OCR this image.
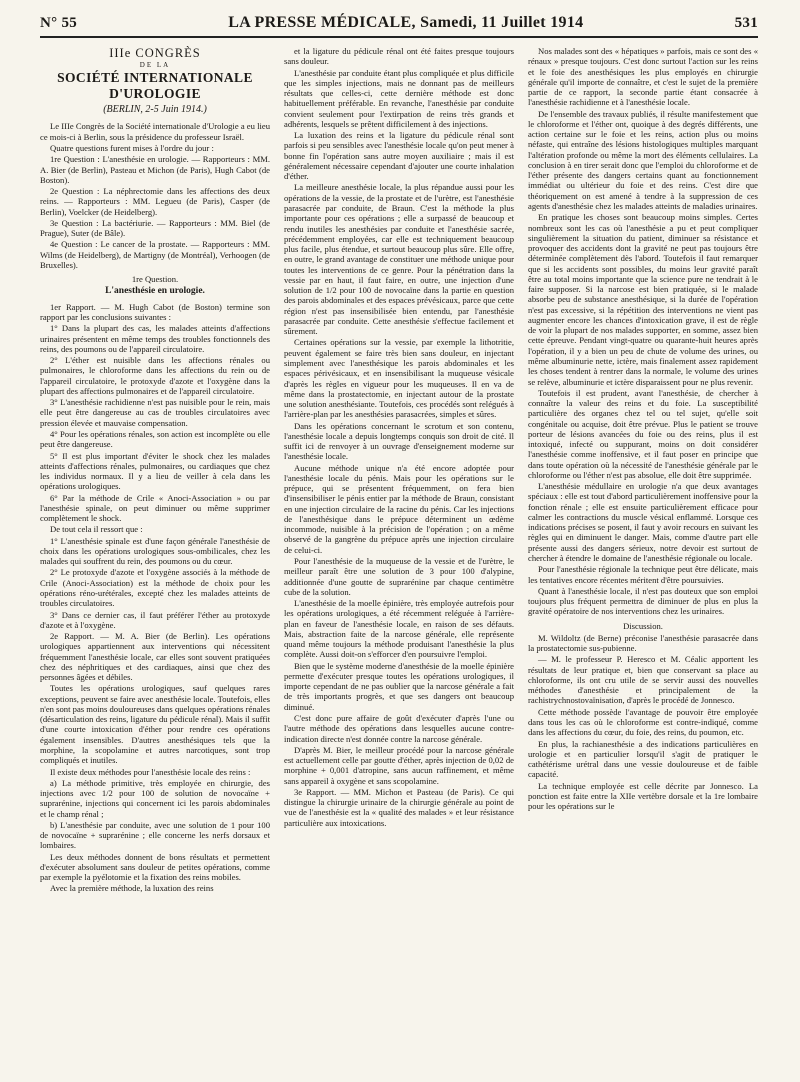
N° 55	LA PRESSE MÉDICALE, Samedi, 11 Juillet 1914	531
IIIe CONGRÈS
DE LA
SOCIÉTÉ INTERNATIONALE D'UROLOGIE
(BERLIN, 2-5 Juin 1914.)

Le IIIe Congrès de la Société internationale d'Urologie a eu lieu ce mois-ci à Berlin, sous la présidence du professeur Israël.

Quatre questions furent mises à l'ordre du jour :

1re Question : L'anesthésie en urologie. — Rapporteurs : MM. A. Bier (de Berlin), Pasteau et Michon (de Paris), Hugh Cabot (de Boston).

2e Question : La néphrectomie dans les affections des deux reins. — Rapporteurs : MM. Legueu (de Paris), Casper (de Berlin), Voelcker (de Heidelberg).

3e Question : La bactériurie. — Rapporteurs : MM. Biel (de Prague), Suter (de Bâle).

4e Question : Le cancer de la prostate. — Rapporteurs : MM. Wilms (de Heidelberg), de Martigny (de Montréal), Verhoogen (de Bruxelles).

1re Question.
L'anesthésie en urologie.

1er Rapport. — M. Hugh Cabot (de Boston) termine son rapport par les conclusions suivantes :

1° Dans la plupart des cas, les malades atteints d'affections urinaires présentent en même temps des troubles fonctionnels des reins, des poumons ou de l'appareil circulatoire.

2° L'éther est nuisible dans les affections rénales ou pulmonaires, le chloroforme dans les affections du rein ou de l'appareil circulatoire, le protoxyde d'azote et l'oxygène dans la plupart des affections pulmonaires et de l'appareil circulatoire.

3° L'anesthésie rachidienne n'est pas nuisible pour le rein, mais elle peut être dangereuse au cas de troubles circulatoires avec pression élevée et mauvaise compensation.

4° Pour les opérations rénales, son action est incomplète ou elle peut être dangereuse.

5° Il est plus important d'éviter le shock chez les malades atteints d'affections rénales, pulmonaires, ou cardiaques que chez les individus normaux. Il y a lieu de veiller à cela dans les opérations urologiques.

6° Par la méthode de Crile « Anoci-Association » ou par l'anesthésie spinale, on peut diminuer ou même supprimer complètement le shock.

De tout cela il ressort que :

1° L'anesthésie spinale est d'une façon générale l'anesthésie de choix dans les opérations urologiques sous-ombilicales, chez les malades qui souffrent du rein, des poumons ou du cœur.

2° Le protoxyde d'azote et l'oxygène associés à la méthode de Crile (Anoci-Association) est la méthode de choix pour les opérations réno-urétérales, excepté chez les malades atteints de troubles circulatoires.

3° Dans ce dernier cas, il faut préférer l'éther au protoxyde d'azote et à l'oxygène.

2e Rapport. — M. A. Bier (de Berlin). Les opérations urologiques appartiennent aux interventions qui nécessitent fréquemment l'anesthésie locale, car elles sont souvent pratiquées chez des néphritiques et des cardiaques, ainsi que chez des personnes âgées et débiles.

Toutes les opérations urologiques, sauf quelques rares exceptions, peuvent se faire avec anesthésie locale. Toutefois, elles n'en sont pas moins douloureuses dans quelques opérations rénales (désarticulation des reins, ligature du pédicule rénal). Mais il suffit d'une courte intoxication d'éther pour rendre ces opérations également insensibles. D'autres anesthésiques tels que la morphine, la scopolamine et autres narcotiques, sont trop compliqués et inutiles.

Il existe deux méthodes pour l'anesthésie locale des reins :

a) La méthode primitive, très employée en chirurgie, des injections avec 1/2 pour 100 de solution de novocaïne + suprarénine, injections qui concernent ici les parois abdominales et le champ rénal ;

b) L'anesthésie par conduite, avec une solution de 1 pour 100 de novocaïne + suprarénine ; elle concerne les nerfs dorsaux et lombaires.

Les deux méthodes donnent de bons résultats et permettent d'exécuter absolument sans douleur de petites opérations, comme par exemple la pyélotomie et la fixation des reins mobiles.

Avec la première méthode, la luxation des reins

et la ligature du pédicule rénal ont été faites presque toujours sans douleur.

L'anesthésie par conduite étant plus compliquée et plus difficile que les simples injections, mais ne donnant pas de meilleurs résultats que celles-ci, cette dernière méthode est donc habituellement préférable. En revanche, l'anesthésie par conduite convient seulement pour l'extirpation de reins très grands et adhérents, lesquels se prêtent difficilement à des injections.

La luxation des reins et la ligature du pédicule rénal sont parfois si peu sensibles avec l'anesthésie locale qu'on peut mener à bonne fin l'opération sans autre moyen auxiliaire ; mais il est généralement nécessaire cependant d'ajouter une courte inhalation d'éther.

La meilleure anesthésie locale, la plus répandue aussi pour les opérations de la vessie, de la prostate et de l'urètre, est l'anesthésie parasacrée par conduite, de Braun. C'est la méthode la plus importante pour ces opérations ; elle a surpassé de beaucoup et rendu inutiles les anesthésies par conduite et l'anesthésie sacrée, précédemment employées, car elle est techniquement beaucoup plus facile, plus étendue, et surtout beaucoup plus sûre. Elle offre, en outre, le grand avantage de constituer une méthode unique pour toutes les interventions de ce genre. Pour la pénétration dans la vessie par en haut, il faut faire, en outre, une injection d'une solution de 1/2 pour 100 de novocaïne dans la partie en question des parois abdominales et des espaces prévésicaux, parce que cette région n'est pas insensibilisée bien entendu, par l'anesthésie parasacrée par conduite. Cette anesthésie s'effectue facilement et sûrement.

Certaines opérations sur la vessie, par exemple la lithotritie, peuvent également se faire très bien sans douleur, en injectant simplement avec l'anesthésique les parois abdominales et les espaces périvésicaux, et en insensibilisant la muqueuse vésicale d'après les règles en vigueur pour les muqueuses. Il en va de même dans la prostatectomie, en injectant autour de la prostate une solution anesthésiante. Toutefois, ces procédés sont relégués à l'arrière-plan par les anesthésies parasacrées, simples et sûres.

Dans les opérations concernant le scrotum et son contenu, l'anesthésie locale a depuis longtemps conquis son droit de cité. Il suffit ici de renvoyer à un ouvrage d'enseignement moderne sur l'anesthésie locale.

Aucune méthode unique n'a été encore adoptée pour l'anesthésie locale du pénis. Mais pour les opérations sur le prépuce, qui se présentent fréquemment, on fera bien d'insensibiliser le pénis entier par la méthode de Braun, consistant en une injection circulaire de la racine du pénis. Car les injections de l'anesthésique dans le prépuce déterminent un œdème incommode, nuisible à la précision de l'opération ; on a même observé de la gangrène du prépuce après une injection circulaire de celui-ci.

Pour l'anesthésie de la muqueuse de la vessie et de l'urètre, le meilleur paraît être une solution de 3 pour 100 d'alypine, additionnée d'une goutte de suprarénine par chaque centimètre cube de la solution.

L'anesthésie de la moelle épinière, très employée autrefois pour les opérations urologiques, a été récemment reléguée à l'arrière-plan en faveur de l'anesthésie locale, en raison de ses défauts. Mais, abstraction faite de la narcose générale, elle représente quand même toujours la méthode produisant l'anesthésie la plus complète. Aussi doit-on s'efforcer d'en poursuivre l'emploi.

Bien que le système moderne d'anesthésie de la moelle épinière permette d'exécuter presque toutes les opérations urologiques, il importe cependant de ne pas oublier que la narcose générale a fait de très importants progrès, et que ses dangers ont beaucoup diminué.

C'est donc pure affaire de goût d'exécuter d'après l'une ou l'autre méthode des opérations dans lesquelles aucune contre-indication directe n'est donnée contre la narcose générale.

D'après M. Bier, le meilleur procédé pour la narcose générale est actuellement celle par goutte d'éther, après injection de 0,02 de morphine + 0,001 d'atropine, sans aucun raffinement, et même sans appareil à oxygène et sans scopolamine.

3e Rapport. — MM. Michon et Pasteau (de Paris). Ce qui distingue la chirurgie urinaire de la chirurgie générale au point de vue de l'anesthésie est la « qualité des malades » et leur résistance particulière aux intoxications.

Nos malades sont des « hépatiques » parfois, mais ce sont des « rénaux » presque toujours. C'est donc surtout l'action sur les reins et le foie des anesthésiques les plus employés en chirurgie générale qu'il importe de connaître, et c'est le sujet de la première partie de ce rapport, la seconde partie étant consacrée à l'anesthésie rachidienne et à l'anesthésie locale.

De l'ensemble des travaux publiés, il résulte manifestement que le chloroforme et l'éther ont, quoique à des degrés différents, une action certaine sur le foie et les reins, action plus ou moins néfaste, qui entraîne des lésions histologiques multiples marquant l'altération profonde ou même la mort des éléments cellulaires. La conclusion à en tirer serait donc que l'emploi du chloroforme et de l'éther présente des dangers certains quant au fonctionnement immédiat ou ultérieur du foie et des reins. C'est dire que théoriquement on est amené à tendre à la suppression de ces agents d'anesthésie chez les malades atteints de maladies urinaires.

En pratique les choses sont beaucoup moins simples. Certes nombreux sont les cas où l'anesthésie a pu et peut compliquer singulièrement la situation du patient, diminuer sa résistance et provoquer des accidents dont la gravité ne peut pas toujours être déterminée complètement dès l'abord. Toutefois il faut remarquer que si les accidents sont possibles, du moins leur gravité paraît être au total moins importante que la science pure ne tendrait à le faire supposer. Si la narcose est bien pratiquée, si le malade absorbe peu de substance anesthésique, si la durée de l'opération n'est pas excessive, si la répétition des interventions ne vient pas augmenter encore les chances d'intoxication grave, il est de règle de voir la plupart de nos malades supporter, en somme, assez bien cette épreuve. Pendant vingt-quatre ou quarante-huit heures après l'opération, il y a bien un peu de chute de volume des urines, ou même albuminurie nette, ictère, mais finalement assez rapidement les choses tendent à rentrer dans la normale, le volume des urines se relève, albuminurie et ictère disparaissent pour ne plus revenir.

Toutefois il est prudent, avant l'anesthésie, de chercher à connaître la valeur des reins et du foie. La susceptibilité particulière des organes chez tel ou tel sujet, qu'elle soit congénitale ou acquise, doit être prévue. Plus le patient se trouve porteur de lésions avancées du foie ou des reins, plus il est intoxiqué, infecté ou suppurant, moins on doit considérer l'anesthésie comme inoffensive, et il faut poser en principe que dans toute opération où la nécessité de l'anesthésie générale par le chloroforme ou l'éther n'est pas absolue, elle doit être supprimée.

L'anesthésie médullaire en urologie n'a que deux avantages spéciaux : elle est tout d'abord particulièrement inoffensive pour la fonction rénale ; elle est ensuite particulièrement efficace pour calmer les contractions du muscle vésical enflammé. Lorsque ces indications précises se posent, il faut y avoir recours en suivant les règles qui en diminuent le danger. Mais, comme d'autre part elle présente aussi des dangers sérieux, notre devoir est surtout de chercher à étendre le domaine de l'anesthésie régionale ou locale.

Pour l'anesthésie régionale la technique peut être délicate, mais les tentatives encore récentes méritent d'être poursuivies.

Quant à l'anesthésie locale, il n'est pas douteux que son emploi toujours plus fréquent permettra de diminuer de plus en plus la gravité opératoire de nos interventions chez les urinaires.

Discussion.

M. Wildoltz (de Berne) préconise l'anesthésie parasacrée dans la prostatectomie sus-pubienne.

— M. le professeur P. Heresco et M. Céalic apportent les résultats de leur pratique et, bien que conservant sa place au chloroforme, ils ont cru utile de se servir aussi des nouvelles méthodes d'anesthésie et principalement de la rachistrychnostovaïnisation, d'après le procédé de Jonnesco.

Cette méthode possède l'avantage de pouvoir être employée dans tous les cas où le chloroforme est contre-indiqué, comme dans les affections du cœur, du foie, des reins, du poumon, etc.

En plus, la rachianesthésie a des indications particulières en urologie et en particulier lorsqu'il s'agit de pratiquer le cathétérisme urétral dans une vessie douloureuse et de faible capacité.

La technique employée est celle décrite par Jonnesco. La ponction est faite entre la XIIe vertèbre dorsale et la 1re lombaire pour les opérations sur le
